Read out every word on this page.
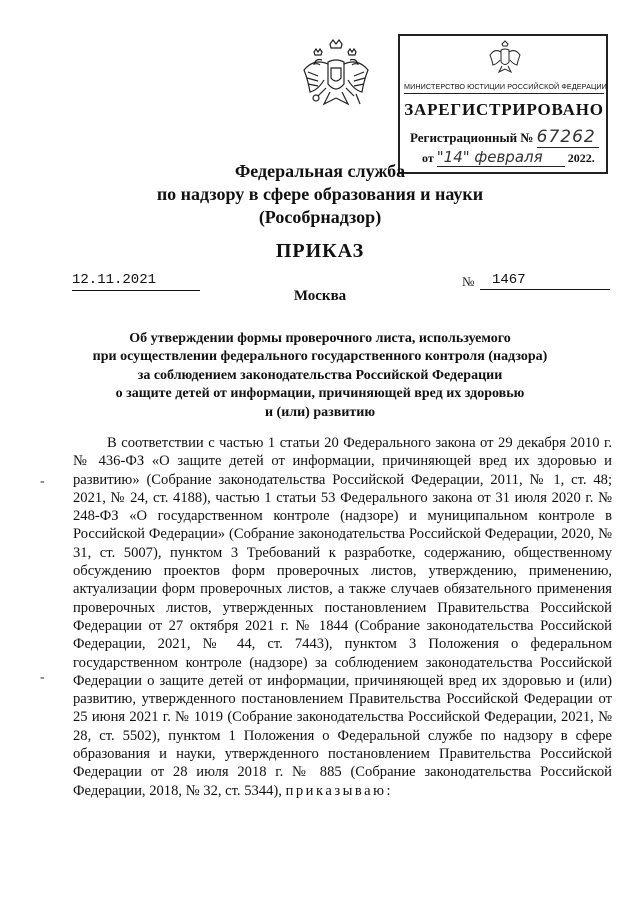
МИНИСТЕРСТВО ЮСТИЦИИ РОССИЙСКОЙ ФЕДЕРАЦИИ
ЗАРЕГИСТРИРОВАНО
Регистрационный № 67262
от "14" февраля 2022.
Федеральная служба
по надзору в сфере образования и науки
(Рособрнадзор)
ПРИКАЗ
12.11.2021	№	1467
Москва
Об утверждении формы проверочного листа, используемого
при осуществлении федерального государственного контроля (надзора)
за соблюдением законодательства Российской Федерации
о защите детей от информации, причиняющей вред их здоровью
и (или) развитию

В соответствии с частью 1 статьи 20 Федерального закона от 29 декабря 2010 г. № 436-ФЗ «О защите детей от информации, причиняющей вред их здоровью и развитию» (Собрание законодательства Российской Федерации, 2011, № 1, ст. 48; 2021, № 24, ст. 4188), частью 1 статьи 53 Федерального закона от 31 июля 2020 г. № 248-ФЗ «О государственном контроле (надзоре) и муниципальном контроле в Российской Федерации» (Собрание законодательства Российской Федерации, 2020, № 31, ст. 5007), пунктом 3 Требований к разработке, содержанию, общественному обсуждению проектов форм проверочных листов, утверждению, применению, актуализации форм проверочных листов, а также случаев обязательного применения проверочных листов, утвержденных постановлением Правительства Российской Федерации от 27 октября 2021 г. № 1844 (Собрание законодательства Российской Федерации, 2021, № 44, ст. 7443), пунктом 3 Положения о федеральном государственном контроле (надзоре) за соблюдением законодательства Российской Федерации о защите детей от информации, причиняющей вред их здоровью и (или) развитию, утвержденного постановлением Правительства Российской Федерации от 25 июня 2021 г. № 1019 (Собрание законодательства Российской Федерации, 2021, № 28, ст. 5502), пунктом 1 Положения о Федеральной службе по надзору в сфере образования и науки, утвержденного постановлением Правительства Российской Федерации от 28 июля 2018 г. № 885 (Собрание законодательства Российской Федерации, 2018, № 32, ст. 5344), приказываю:

-
-
